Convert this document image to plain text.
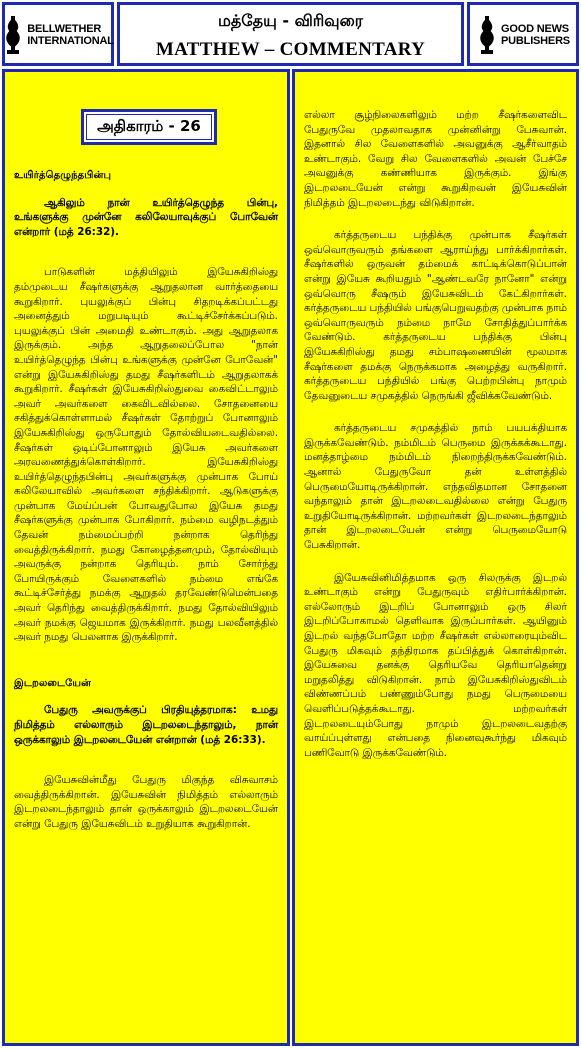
BELLWETHER
INTERNATIONAL
மத்தேயு - விரிவுரை
MATTHEW – COMMENTARY
GOOD NEWS
PUBLISHERS
அதிகாரம் - 26

உயிர்த்தெழுந்தபின்பு

ஆகிலும் நான் உயிர்த்தெழுந்த பின்பு, உங்களுக்கு முன்னே கலிலேயாவுக்குப் போவேன் என்றார் (மத் 26:32).

பாடுகளின் மத்தியிலும் இயேசுகிறிஸ்து தம்முடைய சீஷர்களுக்கு ஆறுதலான வார்த்தையை கூறுகிறார். புயலுக்குப் பின்பு சிதறடிக்கப்பட்டது அனைத்தும் மறுபடியும் கூட்டிச்சேர்க்கப்படும். புயலுக்குப் பின் அமைதி உண்டாகும். அது ஆறுதலாக இருக்கும். அந்த ஆறுதலைப்போல "நான் உயிர்த்தெழுந்த பின்பு உங்களுக்கு முன்னே போவேன்" என்று இயேசுகிறிஸ்து தமது சீஷர்களிடம் ஆறுதலாகக் கூறுகிறார். சீஷர்கள் இயேசுகிறிஸ்துவை கைவிட்டாலும் அவர் அவர்களை கைவிடவில்லை. சோதனையை சகித்துக்கொள்ளாமல் சீஷர்கள் தோற்றுப் போனாலும் இயேசுகிறிஸ்து ஒருபோதும் தோல்வியடைவதில்லை. சீஷர்கள் ஒடிப்போனாலும் இயேசு அவர்களை அரவணைத்துக்கொள்கிறார். இயேசுகிறிஸ்து உயிர்த்தெழுந்தபின்பு அவர்களுக்கு முன்பாக போய் கலிலேயாவில் அவர்களை சந்திக்கிறார். ஆடுகளுக்கு முன்பாக மேய்ப்பன் போவதுபோல இயேசு தமது சீஷர்களுக்கு முன்பாக போகிறார். நம்மை வழிநடத்தும் தேவன் நம்மைப்பற்றி நன்றாக தெரிந்து வைத்திருக்கிறார். நமது கோழைத்தனமும், தோல்வியும் அவருக்கு நன்றாக தெரியும். நாம் சோர்ந்து போயிருக்கும் வேளைகளில் நம்மை எங்கே கூட்டிச்சேர்த்து நமக்கு ஆறுதல் தரவேண்டுமென்பதை அவர் தெரிந்து வைத்திருக்கிறார். நமது தோல்வியிலும் அவர் நமக்கு ஜெயமாக இருக்கிறார். நமது பலவீனத்தில் அவர் நமது பெலனாக இருக்கிறார்.

இடறலடையேன்

பேதுரு அவருக்குப் பிரதியுத்தரமாக: உமது நிமித்தம் எல்லாரும் இடறலடைந்தாலும், நான் ஒருக்காலும் இடறலடையேன் என்றான் (மத் 26:33).

இயேசுவின்மீது பேதுரு மிகுந்த விசுவாசம் வைத்திருக்கிறான். இயேசுவின் நிமித்தம் எல்லாரும் இடறலடைந்தாலும் தான் ஒருக்காலும் இடறலடையேன் என்று பேதுரு இயேசுவிடம் உறுதியாக கூறுகிறான்.

எல்லா சூழ்நிலைகளிலும் மற்ற சீஷர்களைவிட பேதுருவே முதலாவதாக முன்னின்று பேசுவான். இதனால் சில வேளைகளில் அவனுக்கு ஆசீர்வாதம் உண்டாகும். வேறு சில வேளைகளில் அவன் பேச்சே அவனுக்கு கண்ணியாக இருக்கும். இங்கு இடறலடையேன் என்று கூறுகிறவன் இயேசுவின் நிமித்தம் இடறலடைந்து விடுகிறான்.

கர்த்தருடைய பந்திக்கு முன்பாக சீஷர்கள் ஒவ்வொருவரும் தங்களை ஆராய்ந்து பார்க்கிறார்கள். சீஷர்களில் ஒருவன் தம்மைக் காட்டிக்கொடுப்பான் என்று இயேசு கூறியதும் "ஆண்டவரே நானோ" என்று ஒவ்வொரு சீஷரும் இயேசுவிடம் கேட்கிறார்கள். கர்த்தருடைய பந்தியில் பங்குபெறுவதற்கு முன்பாக நாம் ஒவ்வொருவரும் நம்மை நாமே சோதித்துப்பார்க்க வேண்டும். கர்த்தருடைய பந்திக்கு பின்பு இயேசுகிறிஸ்து தமது சம்பாஷணையின் மூலமாக சீஷர்களை தமக்கு நெருக்கமாக அழைத்து வருகிறார். கர்த்தருடைய பந்தியில் பங்கு பெற்றபின்பு நாமும் தேவனுடைய சமுகத்தில் நெருங்கி ஜீவிக்கவேண்டும்.

கர்த்தருடைய சமுகத்தில் நாம் பயபக்தியாக இருக்கவேண்டும். நம்மிடம் பெருமை இருக்கக்கூடாது. மனத்தாழ்மை நம்மிடம் நிறைந்திருக்கவேண்டும். ஆனால் பேதுருவோ தன் உள்ளத்தில் பெருமையோடிருக்கிறான். எந்தவிதமான சோதனை வந்தாலும் தான் இடறலடைவதில்லை என்று பேதுரு உறுதியோடிருக்கிறான். மற்றவர்கள் இடறலடைந்தாலும் தான் இடறலடையேன் என்று பெருமையோடு பேசுகிறான்.

இயேசுவினிமித்தமாக ஒரு சிலருக்கு இடறல் உண்டாகும் என்று பேதுருவும் எதிர்பார்க்கிறான். எல்லோரும் இடறிப் போனாலும் ஒரு சிலர் இடறிப்போகாமல் தெளிவாக இருப்பார்கள். ஆயினும் இடறல் வந்தபோதோ மற்ற சீஷர்கள் எல்லாரையும்விட பேதுரு மிகவும் தந்திரமாக தப்பித்துக் கொள்கிறான். இயேசுவை தனக்கு தெரியவே தெரியாதென்று மறுதலித்து விடுகிறான். நாம் இயேசுகிறிஸ்துவிடம் விண்ணப்பம் பண்ணும்போது நமது பெருமையை வெளிப்படுத்தக்கூடாது. மற்றவர்கள் இடறலடையும்போது நாமும் இடறலடைவதற்கு வாய்ப்புள்ளது என்பதை நினைவுகூர்ந்து மிகவும் பணிவோடு இருக்கவேண்டும்.
